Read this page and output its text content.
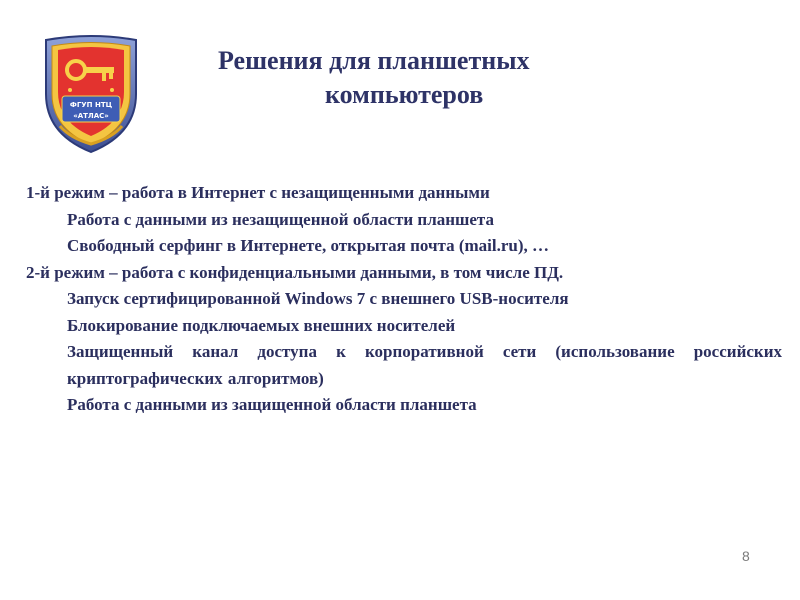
ФГУП НТЦ
«АТЛАС»
Решения для планшетных
компьютеров
1-й режим – работа в Интернет с незащищенными данными
Работа с данными из незащищенной области планшета
Свободный серфинг в Интернете, открытая почта (mail.ru), …
2-й режим – работа с конфиденциальными данными, в том числе ПД.
Запуск сертифицированной Windows 7 с внешнего USB-носителя
Блокирование подключаемых внешних носителей
Защищенный канал доступа к корпоративной сети (использование российских криптографических алгоритмов)
Работа с данными из защищенной области планшета
8
